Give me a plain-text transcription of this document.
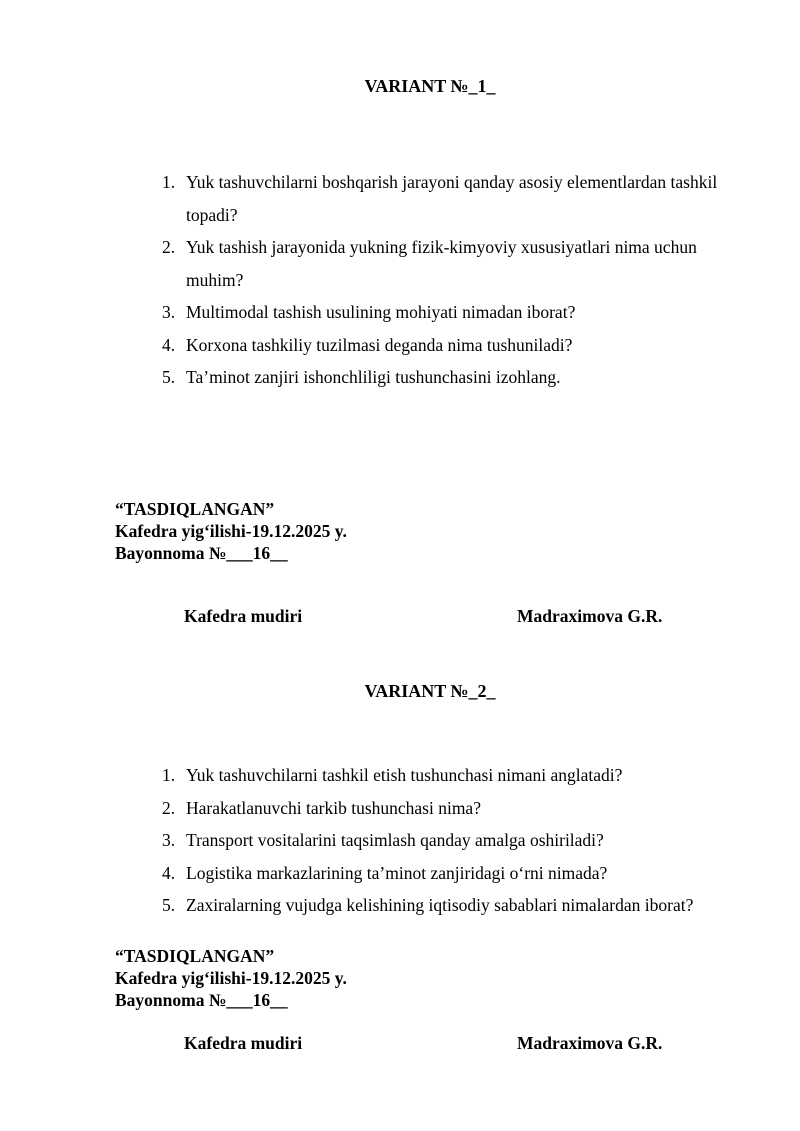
VARIANT №_1_
1. Yuk tashuvchilarni boshqarish jarayoni qanday asosiy elementlardan tashkil topadi?
2. Yuk tashish jarayonida yukning fizik-kimyoviy xususiyatlari nima uchun muhim?
3. Multimodal tashish usulining mohiyati nimadan iborat?
4. Korxona tashkiliy tuzilmasi deganda nima tushuniladi?
5. Ta’minot zanjiri ishonchliligi tushunchasini izohlang.
“TASDIQLANGAN”
Kafedra yig‘ilishi-19.12.2025 y.
Bayonnoma №___16__
Kafedra mudiri	Madraximova G.R.
VARIANT №_2_
1. Yuk tashuvchilarni tashkil etish tushunchasi nimani anglatadi?
2. Harakatlanuvchi tarkib tushunchasi nima?
3. Transport vositalarini taqsimlash qanday amalga oshiriladi?
4. Logistika markazlarining ta’minot zanjiridagi o‘rni nimada?
5. Zaxiralarning vujudga kelishining iqtisodiy sabablari nimalardan iborat?
“TASDIQLANGAN”
Kafedra yig‘ilishi-19.12.2025 y.
Bayonnoma №___16__
Kafedra mudiri	Madraximova G.R.
